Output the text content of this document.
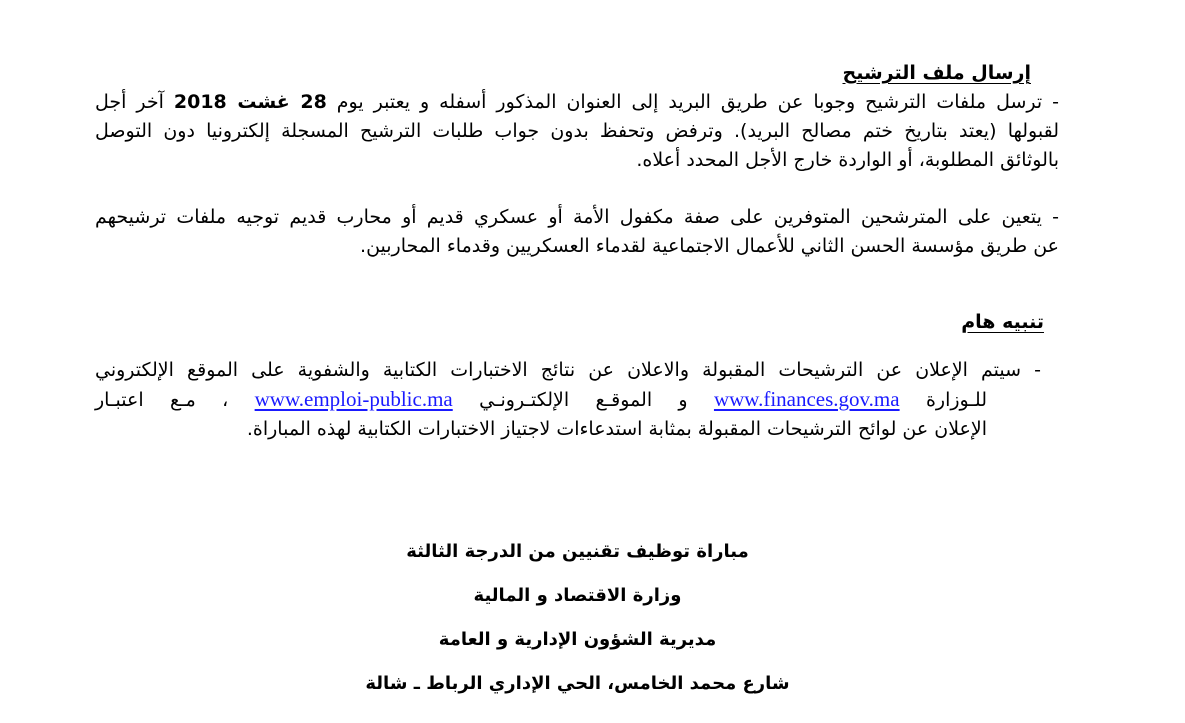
إرسال ملف الترشيح
- ترسل ملفات الترشيح وجوبا عن طريق البريد إلى العنوان المذكور أسفله و يعتبر يوم 28 غشت 2018 آخر أجل
لقبولها (يعتد بتاريخ ختم مصالح البريد). وترفض وتحفظ بدون جواب طلبات الترشيح المسجلة إلكترونيا دون التوصل
بالوثائق المطلوبة، أو الواردة خارج الأجل المحدد أعلاه.
- يتعين على المترشحين المتوفرين على صفة مكفول الأمة أو عسكري قديم أو محارب قديم توجيه ملفات ترشيحهم
عن طريق مؤسسة الحسن الثاني للأعمال الاجتماعية لقدماء العسكريين وقدماء المحاربين.
تنبيه هام
- سيتم الإعلان عن الترشيحات المقبولة والاعلان عن نتائج الاختبارات الكتابية والشفوية على الموقع الإلكتروني
للـوزارة www.finances.gov.ma و الموقـع الإلكتـرونـي www.emploi-public.ma ، مـع اعتبـار
الإعلان عن لوائح الترشيحات المقبولة بمثابة استدعاءات لاجتياز الاختبارات الكتابية لهذه المباراة.
مباراة توظيف تقنيين من الدرجة الثالثة
وزارة الاقتصاد و المالية
مديرية الشؤون الإدارية و العامة
شارع محمد الخامس، الحي الإداري الرباط ـ شالة
